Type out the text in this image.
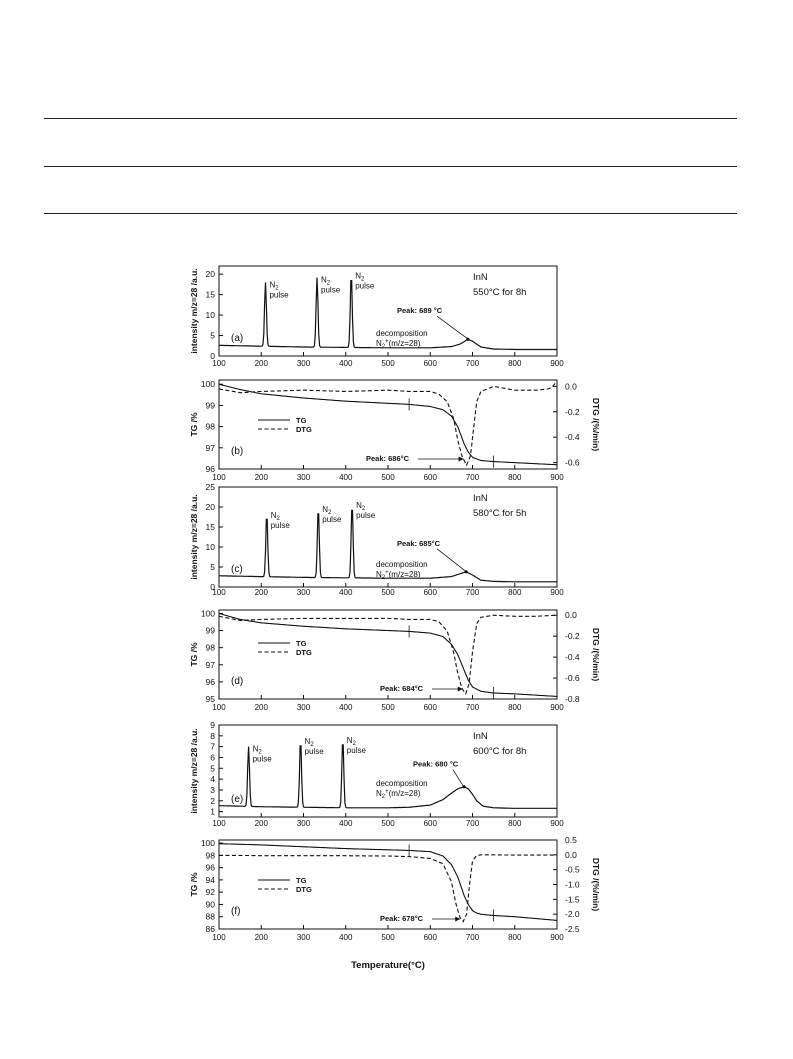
100	200	300	400	500	600	700	800	900
0
5
10
15
20
intensity m/z=28 /a.u.	(a)
$N_2$
pulse
$N_2$
pulse
$N_2$
pulse
InN
550°C for 8h
decomposition
$N_2^+(m/z=28)$
Peak: 689 °C
100	200	300	400	500	600	700	800	900
96
97
98
99
100
TG /%
(b)
0.0
-0.2
-0.4
-0.6
DTG /(%/min)
TG
DTG
Peak: 686°C
100	200	300	400	500	600	700	800	900
0
5
10
15
20
25
intensity m/z=28 /a.u.	(c)
$N_2$
pulse
$N_2$
pulse
$N_2$
pulse
InN
580°C for 5h
decomposition
$N_2^+(m/z=28)$
Peak: 685°C
100	200	300	400	500	600	700	800	900
95
96
97
98
99
100
TG /%
(d)
0.0
-0.2
-0.4
-0.6
-0.8
DTG /(%/min)
TG
DTG
Peak: 684°C
100	200	300	400	500	600	700	800	900
1
2
3
4
5
6
7
8
9
intensity m/z=28 /a.u.	(e)
$N_2$
pulse
$N_2$
pulse
$N_2$
pulse
InN
600°C for 8h
decomposition
$N_2^+(m/z=28)$
Peak: 680 °C
100	200	300	400	500	600	700	800	900
86
88
90
92
94
96
98
100
TG /%
(f)
0.5
0.0
-0.5
-1.0
-1.5
-2.0
-2.5
DTG /(%/min)
TG
DTG
Peak: 678°C
Temperature(°C)
